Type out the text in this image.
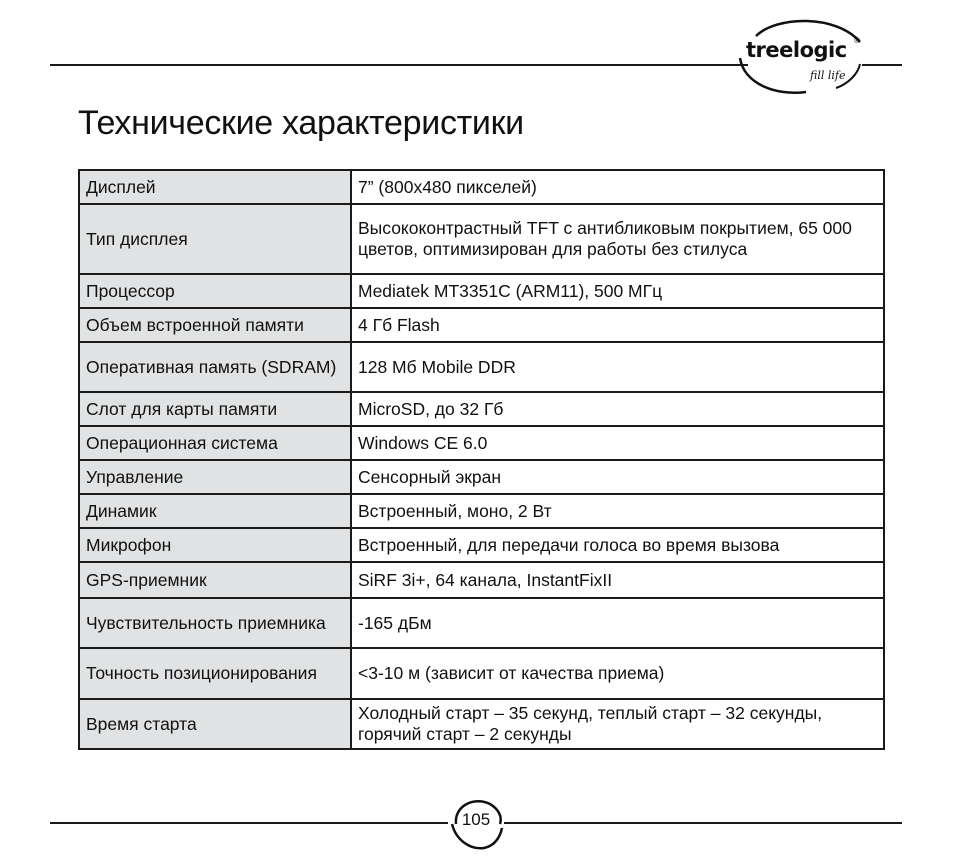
treelogic ®
fill life
Технические характеристики
Дисплей	7” (800x480 пикселей)
Тип дисплея	Высококонтрастный TFT с антибликовым покрытием, 65 000 цветов, оптимизирован для работы без стилуса
Процессор	Mediatek MT3351C (ARM11), 500 МГц
Объем встроенной памяти	4 Гб Flash
Оперативная память (SDRAM)	128 Мб Mobile DDR
Слот для карты памяти	MicroSD, до 32 Гб
Операционная система	Windows CE 6.0
Управление	Сенсорный экран
Динамик	Встроенный, моно, 2 Вт
Микрофон	Встроенный, для передачи голоса во время вызова
GPS-приемник	SiRF 3i+, 64 канала, InstantFixII
Чувствительность приемника	-165 дБм
Точность позиционирования	<3-10 м (зависит от качества приема)
Время старта	Холодный старт – 35 секунд, теплый старт – 32 секунды, горячий старт – 2 секунды
105
